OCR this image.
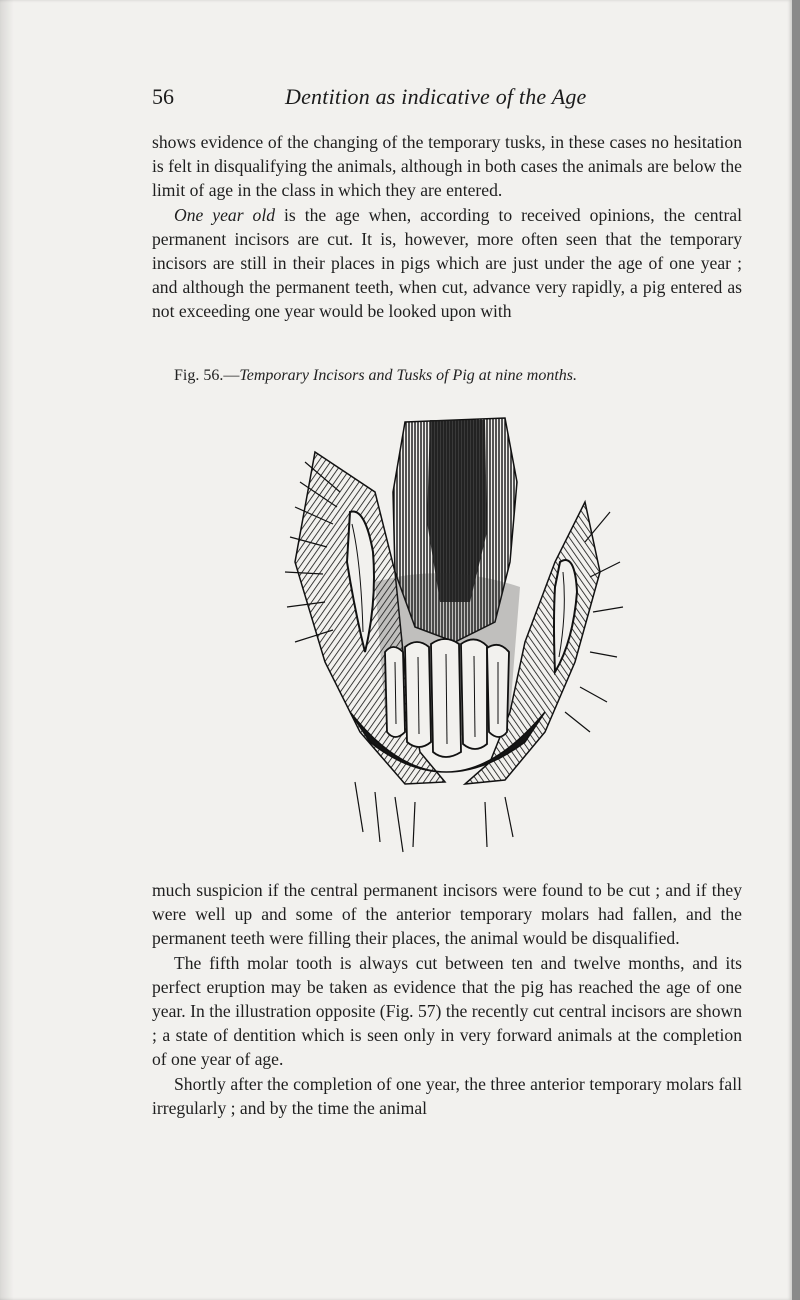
56	Dentition as indicative of the Age

shows evidence of the changing of the temporary tusks, in these cases no hesitation is felt in disqualifying the animals, although in both cases the animals are below the limit of age in the class in which they are entered.

One year old is the age when, according to received opinions, the central permanent incisors are cut. It is, however, more often seen that the temporary incisors are still in their places in pigs which are just under the age of one year ; and although the permanent teeth, when cut, advance very rapidly, a pig entered as not exceeding one year would be looked upon with

Fig. 56.—Temporary Incisors and Tusks of Pig at nine months.

much suspicion if the central permanent incisors were found to be cut ; and if they were well up and some of the anterior temporary molars had fallen, and the permanent teeth were filling their places, the animal would be disqualified.

The fifth molar tooth is always cut between ten and twelve months, and its perfect eruption may be taken as evidence that the pig has reached the age of one year. In the illustration opposite (Fig. 57) the recently cut central incisors are shown ; a state of dentition which is seen only in very forward animals at the completion of one year of age.

Shortly after the completion of one year, the three anterior temporary molars fall irregularly ; and by the time the animal
